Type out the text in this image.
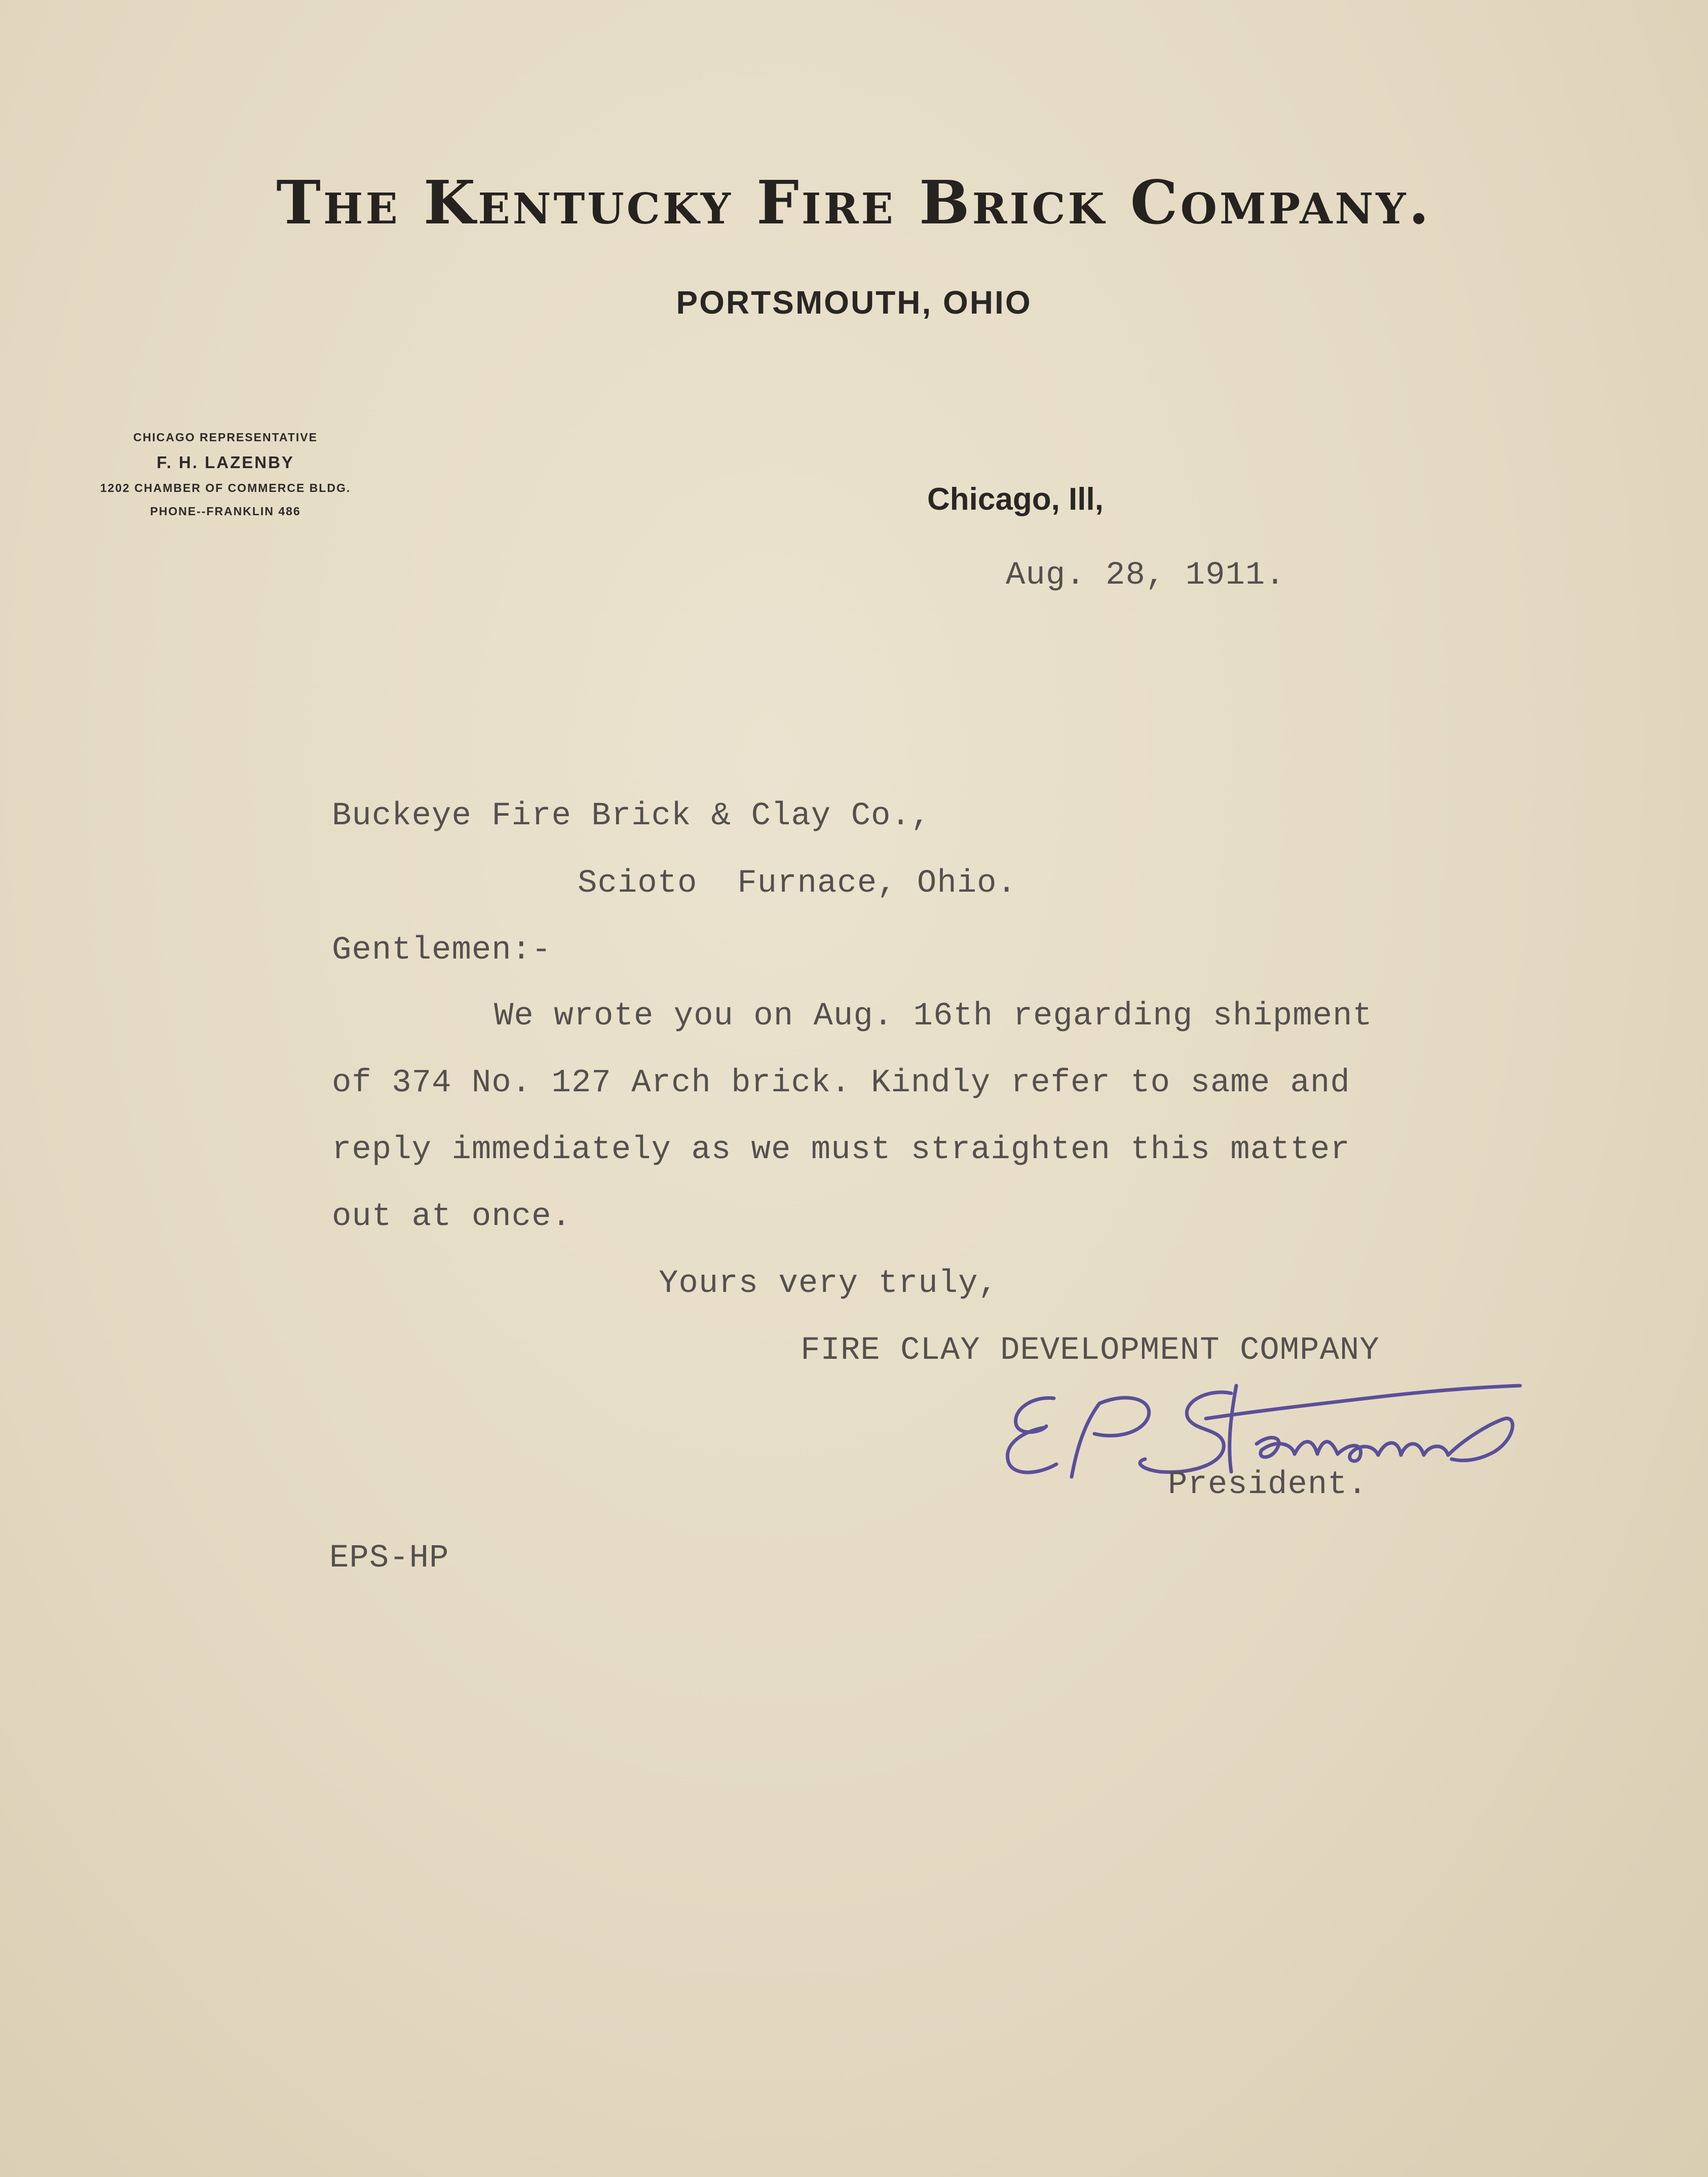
The Kentucky Fire Brick Company.
PORTSMOUTH, OHIO
CHICAGO REPRESENTATIVE
F. H. LAZENBY
1202 CHAMBER OF COMMERCE BLDG.
PHONE--FRANKLIN 486	Chicago, Ill,
Aug. 28, 1911.
Buckeye Fire Brick & Clay Co.,
Scioto  Furnace, Ohio.
Gentlemen:-
We wrote you on Aug. 16th regarding shipment
of 374 No. 127 Arch brick. Kindly refer to same and
reply immediately as we must straighten this matter
out at once.
Yours very truly,
FIRE CLAY DEVELOPMENT COMPANY
President.
EPS-HP
